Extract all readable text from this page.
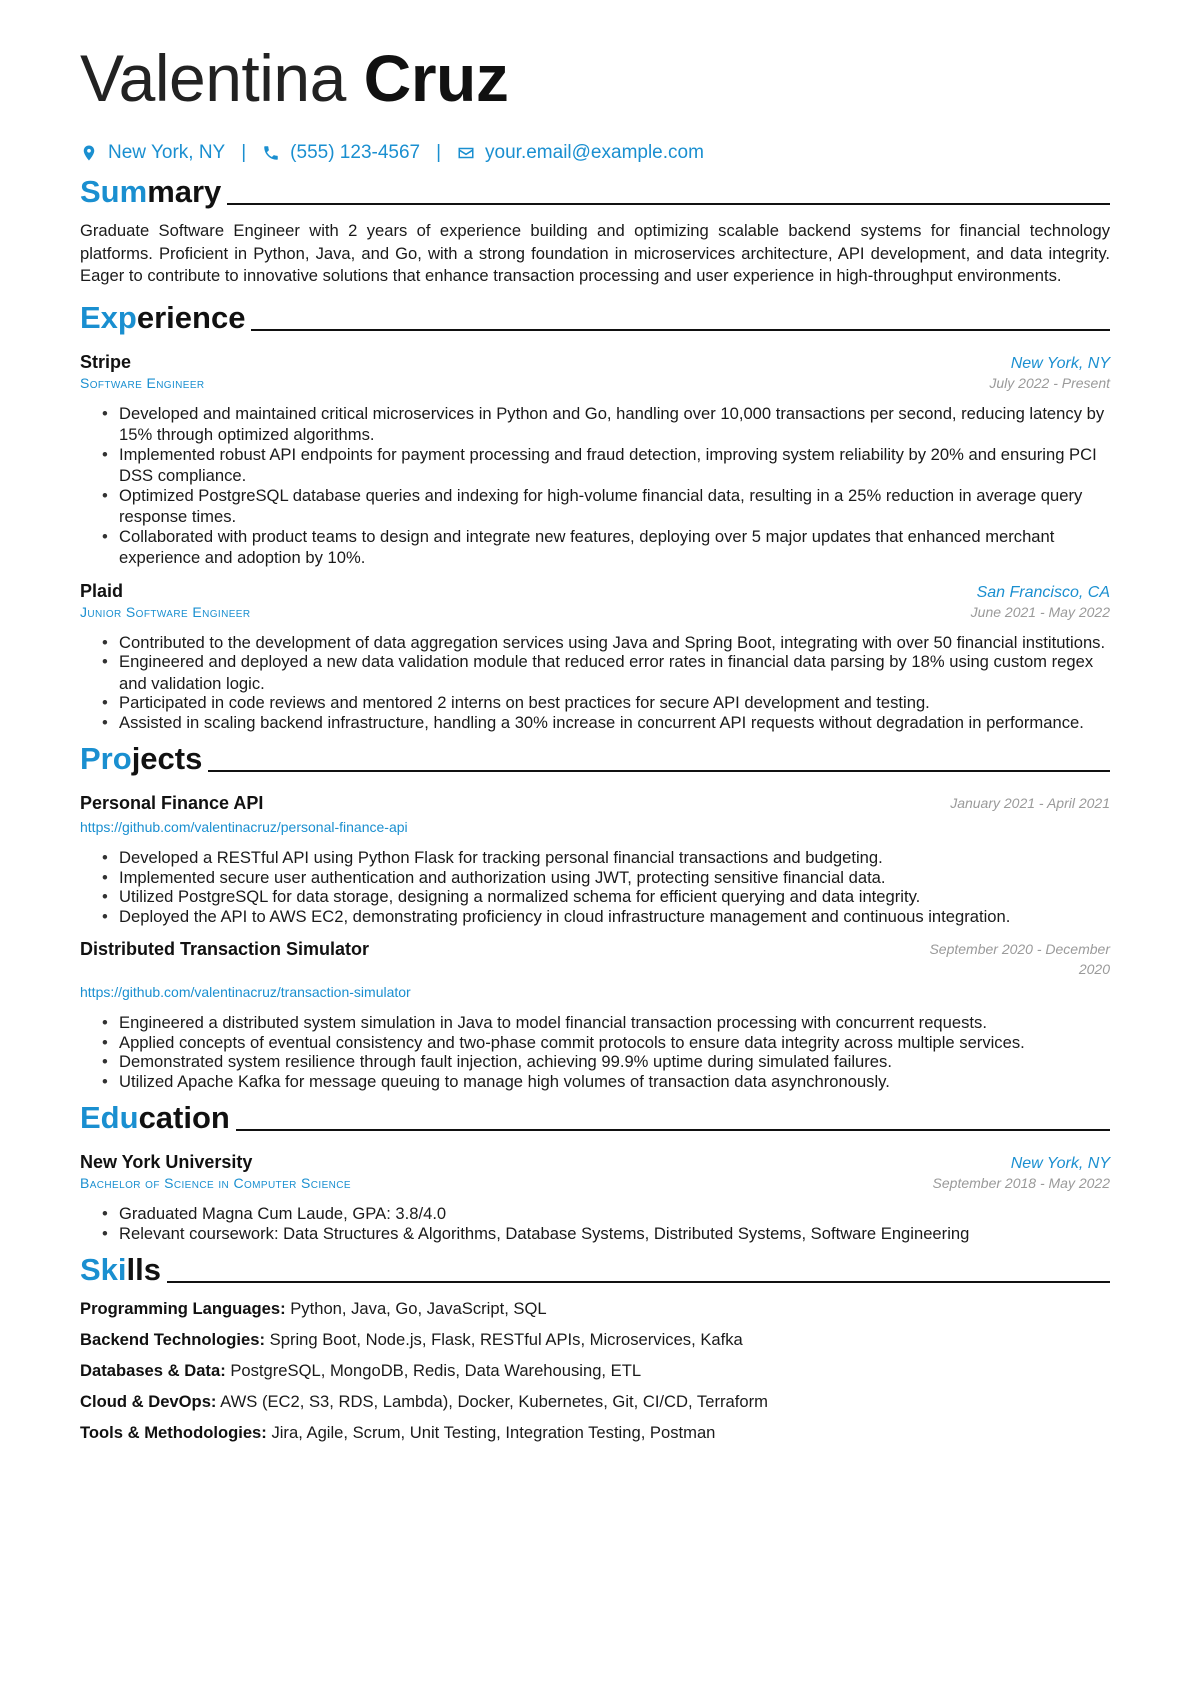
Valentina Cruz
New York, NY | (555) 123-4567 | your.email@example.com
Summary
Graduate Software Engineer with 2 years of experience building and optimizing scalable backend systems for financial technology platforms. Proficient in Python, Java, and Go, with a strong foundation in microservices architecture, API development, and data integrity. Eager to contribute to innovative solutions that enhance transaction processing and user experience in high-throughput environments.
Experience
Stripe	New York, NY
Software Engineer	July 2022 - Present
• Developed and maintained critical microservices in Python and Go, handling over 10,000 transactions per second, reducing latency by 15% through optimized algorithms.
• Implemented robust API endpoints for payment processing and fraud detection, improving system reliability by 20% and ensuring PCI DSS compliance.
• Optimized PostgreSQL database queries and indexing for high-volume financial data, resulting in a 25% reduction in average query response times.
• Collaborated with product teams to design and integrate new features, deploying over 5 major updates that enhanced merchant experience and adoption by 10%.
Plaid	San Francisco, CA
Junior Software Engineer	June 2021 - May 2022
• Contributed to the development of data aggregation services using Java and Spring Boot, integrating with over 50 financial institutions.
• Engineered and deployed a new data validation module that reduced error rates in financial data parsing by 18% using custom regex and validation logic.
• Participated in code reviews and mentored 2 interns on best practices for secure API development and testing.
• Assisted in scaling backend infrastructure, handling a 30% increase in concurrent API requests without degradation in performance.
Projects
Personal Finance API	January 2021 - April 2021
https://github.com/valentinacruz/personal-finance-api
• Developed a RESTful API using Python Flask for tracking personal financial transactions and budgeting.
• Implemented secure user authentication and authorization using JWT, protecting sensitive financial data.
• Utilized PostgreSQL for data storage, designing a normalized schema for efficient querying and data integrity.
• Deployed the API to AWS EC2, demonstrating proficiency in cloud infrastructure management and continuous integration.
Distributed Transaction Simulator	September 2020 - December 2020
https://github.com/valentinacruz/transaction-simulator
• Engineered a distributed system simulation in Java to model financial transaction processing with concurrent requests.
• Applied concepts of eventual consistency and two-phase commit protocols to ensure data integrity across multiple services.
• Demonstrated system resilience through fault injection, achieving 99.9% uptime during simulated failures.
• Utilized Apache Kafka for message queuing to manage high volumes of transaction data asynchronously.
Education
New York University	New York, NY
Bachelor of Science in Computer Science	September 2018 - May 2022
• Graduated Magna Cum Laude, GPA: 3.8/4.0
• Relevant coursework: Data Structures & Algorithms, Database Systems, Distributed Systems, Software Engineering
Skills
Programming Languages: Python, Java, Go, JavaScript, SQL
Backend Technologies: Spring Boot, Node.js, Flask, RESTful APIs, Microservices, Kafka
Databases & Data: PostgreSQL, MongoDB, Redis, Data Warehousing, ETL
Cloud & DevOps: AWS (EC2, S3, RDS, Lambda), Docker, Kubernetes, Git, CI/CD, Terraform
Tools & Methodologies: Jira, Agile, Scrum, Unit Testing, Integration Testing, Postman
